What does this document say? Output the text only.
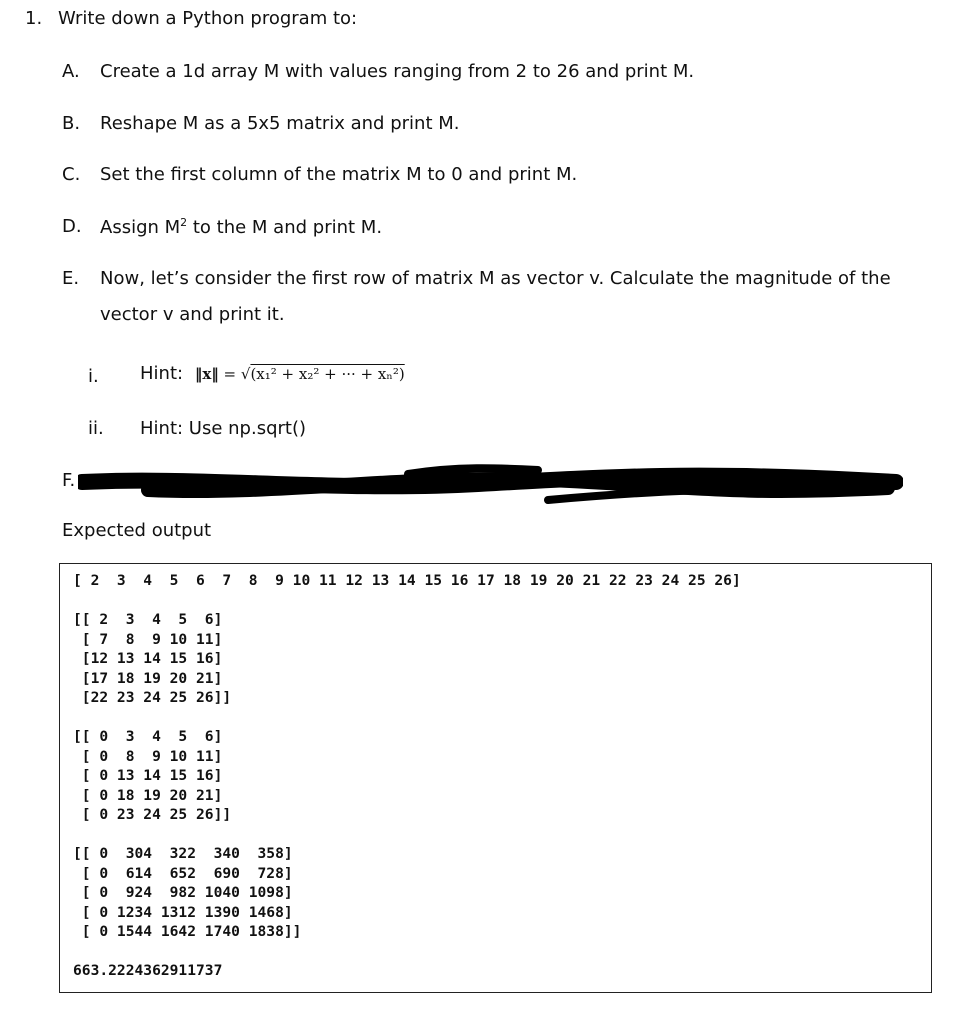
1. Write down a Python program to:
A. Create a 1d array M with values ranging from 2 to 26 and print M.
B. Reshape M as a 5x5 matrix and print M.
C. Set the first column of the matrix M to 0 and print M.
D. Assign $M^2$ to the M and print M.
E. Now, let’s consider the first row of matrix M as vector v. Calculate the magnitude of the
vector v and print it.
i. Hint: ‖x‖ = √(x₁² + x₂² + ··· + xₙ²)
ii. Hint: Use np.sqrt()
F.
Expected output
[ 2  3  4  5  6  7  8  9 10 11 12 13 14 15 16 17 18 19 20 21 22 23 24 25 26]

[[ 2  3  4  5  6]
[ 7  8  9 10 11]
[12 13 14 15 16]
[17 18 19 20 21]
[22 23 24 25 26]]

[[ 0  3  4  5  6]
[ 0  8  9 10 11]
[ 0 13 14 15 16]
[ 0 18 19 20 21]
[ 0 23 24 25 26]]

[[ 0  304  322  340  358]
[ 0  614  652  690  728]
[ 0  924  982 1040 1098]
[ 0 1234 1312 1390 1468]
[ 0 1544 1642 1740 1838]]

663.2224362911737
